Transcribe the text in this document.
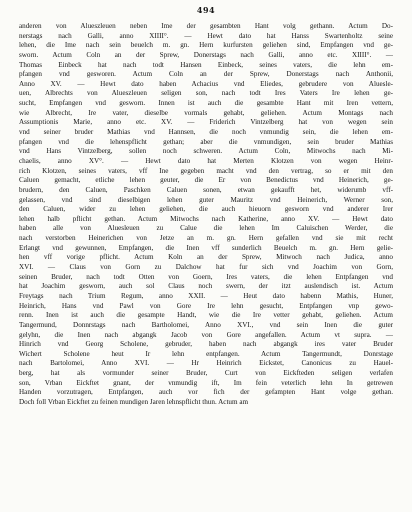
494
anderen von Alueszleuen neben Ime der gesambten Hant volg gethann. Actum Do-
nerstags nach Galli, anno XIIII°. — Hewt dato hat Hanss Swartenholtz seine
lehen, die Ime nach sein beuelch m. gn. Hern kurfursten geliehen sind, Empfangen vnd ge-
sworn. Actum Coln an der Sprew, Donerstags nach Galli, anno etc. XIIII°. —
Thomas Einbeck hat nach todt Hansen Einbeck, seines vaters, die lehn em-
pfangen vnd gesworen. Actum Coln an der Sprew, Donerstags nach Anthonii,
Anno XV. — Hewt dato haben Achacius vnd Eliedes, gebrudere von Aluesle-
uen, Albrechts von Alueszleuen seligen son, nach todt Ires Vaters Ire lehen ge-
sucht, Empfangen vnd gesworn. Innen ist auch die gesambte Hant mit Iren vettern,
wie Albrecht, Ire vater, dieselbe vormals gehabt, geliehen. Actum Montags nach
Assumptionis Marie, anno etc. XV. — Friderich Vintzelberg hat von wegen sein
vnd seiner bruder Mathias vnd Hannsen, die noch vnmundig sein, die lehen em-
pfangen vnd die lehenspflicht gethan; aber die vnmundigen, sein bruder Mathias
vnd Hans Vintzelberg, sollen noch schweren. Actum Coln, Mitwochs nach Mi-
chaelis, anno XV°. — Hewt dato hat Merten Klotzen von wegen Heinr-
rich Klotzen, seines vaters, vff Ine gegeben macht vnd den vertrag, so er mit den
Caluen gemacht, etliche lehen geuter, die Er von Benedictus vnd Heinerich, ge-
brudern, den Caluen, Paschken Caluen sonen, etwan gekaufft het, widerumb vff-
gelassen, vnd sind dieselbigen lehen guter Mauritz vnd Heinerich, Werner son,
den Caluen, wider zu lehen geliehen, die auch hieuorn gesworn vnd anderer Irer
lehen halb pflicht gethan. Actum Mitwochs nach Katherine, anno XV. — Hewt dato
haben alle von Aluesleuen zu Calue die lehen Im Caluischen Werder, die
nach verstorben Heinerichen von Jetze an m. gn. Hern gefallen vnd sie mit recht
Erlangt vnd gewunnen, Empfangen, die Inen vff sunderlich Beuelch m. gn. Hern gelie-
hen vff vorige pflicht. Actum Koln an der Sprew, Mitwoch nach Judica, anno
XVI. — Claus von Gorn zu Dalchow hat fur sich vnd Joachim von Gorn,
seinen Bruder, nach todt Otten von Goern, Ires vaters, die lehen Entpfangen vnd
hat Joachim gesworn, auch sol Claus noch swern, der itzt auslendisch ist. Actum
Freytags nach Trium Regum, anno XXII. — Heut dato habenn Mathis, Huner,
Heinrich, Hans vnd Pawl von Gore Ire lehn gesucht, Entpfangen vnp gewo-
renn. Inen ist auch die gesampte Handt, wie die Ire vetter gehabt, geliehen. Actum
Tangermund, Donnrstags nach Bartholomei, Anno XVI., vnd sein Inen die guter
gelyhn, die Inen nach abgangk Jacob von Gore angefallen. Actum vt supra. —
Hinrich vnd Georg Scholene, gebruder, haben nach abgangk ires vater Bruder
Wichert Scholene heut Ir lehn entpfangen. Actum Tangermundt, Donrstage
nach Bartolomei, Anno XVI. — Hr Heinrich Eickstet, Canonicus zu Hauel-
berg, hat als vormunder seiner Bruder, Curt von Eickfteden seligen verlafen
son, Vrban Eickftet gnant, der vnmundig ift, Im fein veterlich lehn In getrewen
Handen vorzutragen, Entpfangen, auch vor fich der gefampten Hant volge gethan.
Doch foll Vrban Eickftet zu feinen mundigen Jaren lehnspflicht thun. Actum am
